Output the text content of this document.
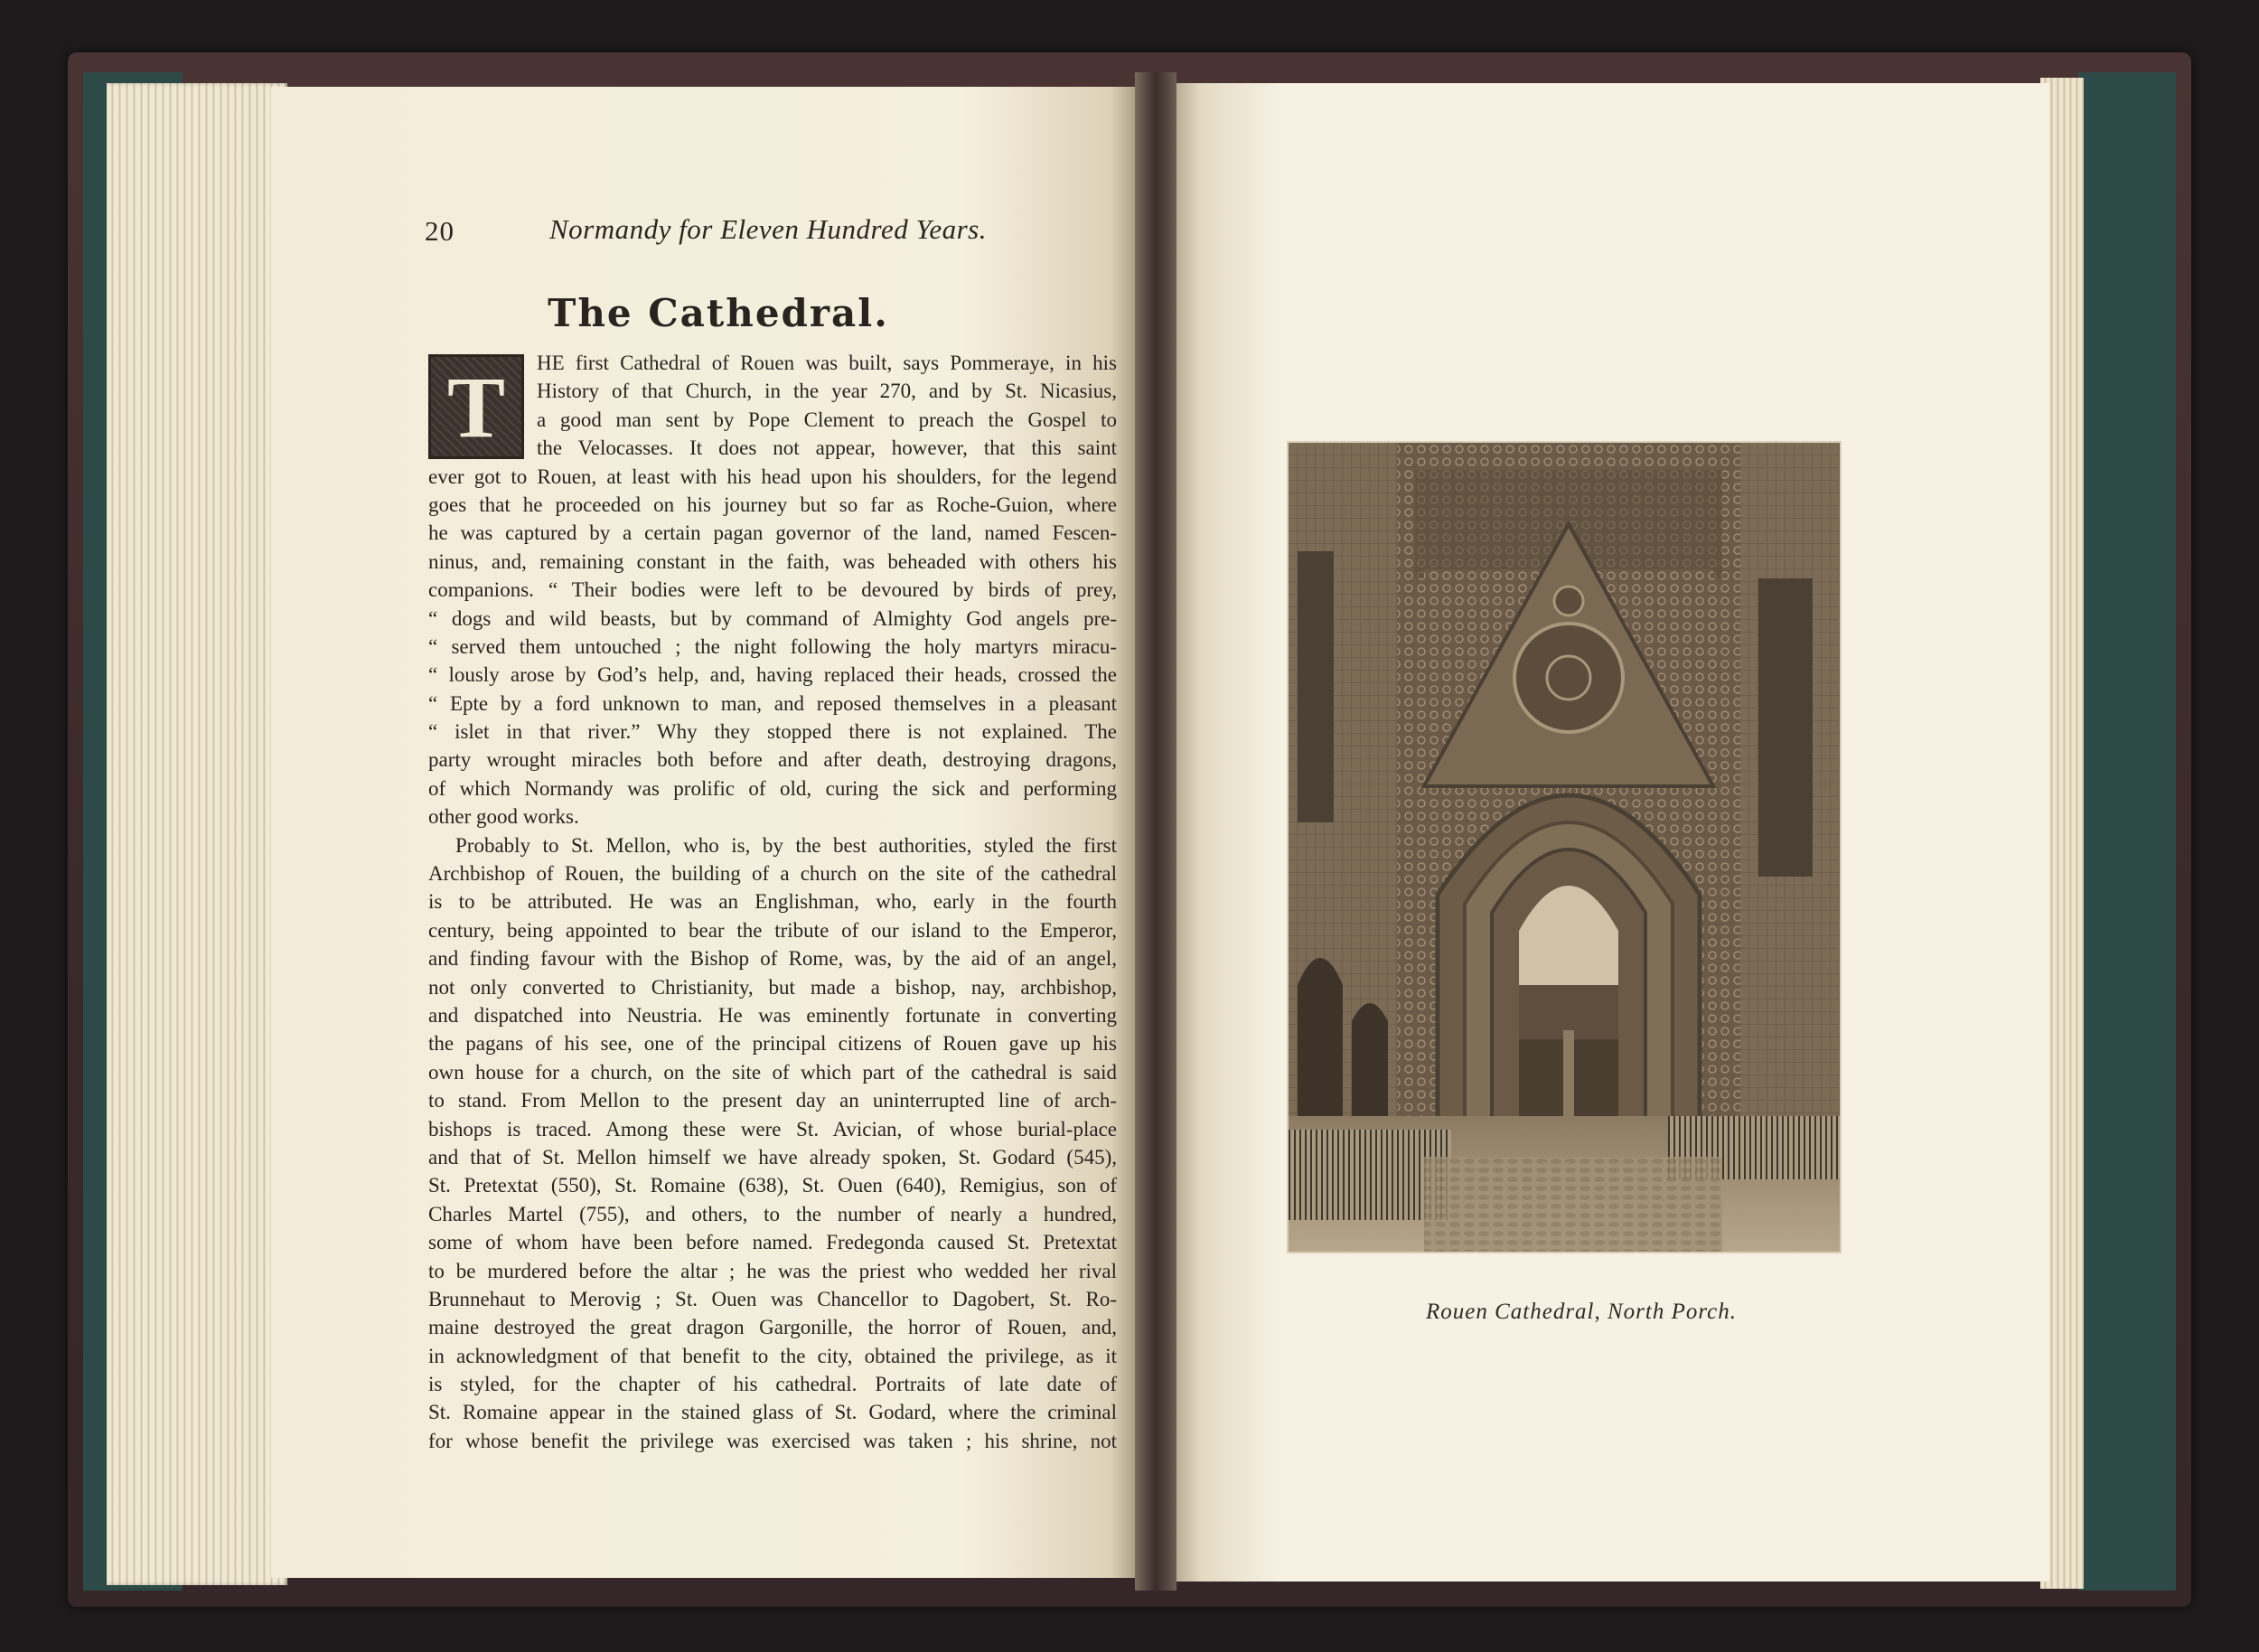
20	Normandy for Eleven Hundred Years.
The Cathedral.
T	HE first Cathedral of Rouen was built, says Pommeraye, in his
History of that Church, in the year 270, and by St. Nicasius,
a good man sent by Pope Clement to preach the Gospel to
the Velocasses. It does not appear, however, that this saint
ever got to Rouen, at least with his head upon his shoulders, for the legend
goes that he proceeded on his journey but so far as Roche-Guion, where
he was captured by a certain pagan governor of the land, named Fescen-
ninus, and, remaining constant in the faith, was beheaded with others his
companions. “ Their bodies were left to be devoured by birds of prey,
“ dogs and wild beasts, but by command of Almighty God angels pre-
“ served them untouched ; the night following the holy martyrs miracu-
“ lously arose by God’s help, and, having replaced their heads, crossed the
“ Epte by a ford unknown to man, and reposed themselves in a pleasant
“ islet in that river.” Why they stopped there is not explained. The
party wrought miracles both before and after death, destroying dragons,
of which Normandy was prolific of old, curing the sick and performing
other good works.
Probably to St. Mellon, who is, by the best authorities, styled the first
Archbishop of Rouen, the building of a church on the site of the cathedral
is to be attributed. He was an Englishman, who, early in the fourth
century, being appointed to bear the tribute of our island to the Emperor,
and finding favour with the Bishop of Rome, was, by the aid of an angel,
not only converted to Christianity, but made a bishop, nay, archbishop,
and dispatched into Neustria. He was eminently fortunate in converting
the pagans of his see, one of the principal citizens of Rouen gave up his
own house for a church, on the site of which part of the cathedral is said
to stand. From Mellon to the present day an uninterrupted line of arch-
bishops is traced. Among these were St. Avician, of whose burial-place
and that of St. Mellon himself we have already spoken, St. Godard (545),
St. Pretextat (550), St. Romaine (638), St. Ouen (640), Remigius, son of
Charles Martel (755), and others, to the number of nearly a hundred,
some of whom have been before named. Fredegonda caused St. Pretextat
to be murdered before the altar ; he was the priest who wedded her rival
Brunnehaut to Merovig ; St. Ouen was Chancellor to Dagobert, St. Ro-
maine destroyed the great dragon Gargonille, the horror of Rouen, and,
in acknowledgment of that benefit to the city, obtained the privilege, as it
is styled, for the chapter of his cathedral. Portraits of late date of
St. Romaine appear in the stained glass of St. Godard, where the criminal
for whose benefit the privilege was exercised was taken ; his shrine, not
Rouen Cathedral, North Porch.
